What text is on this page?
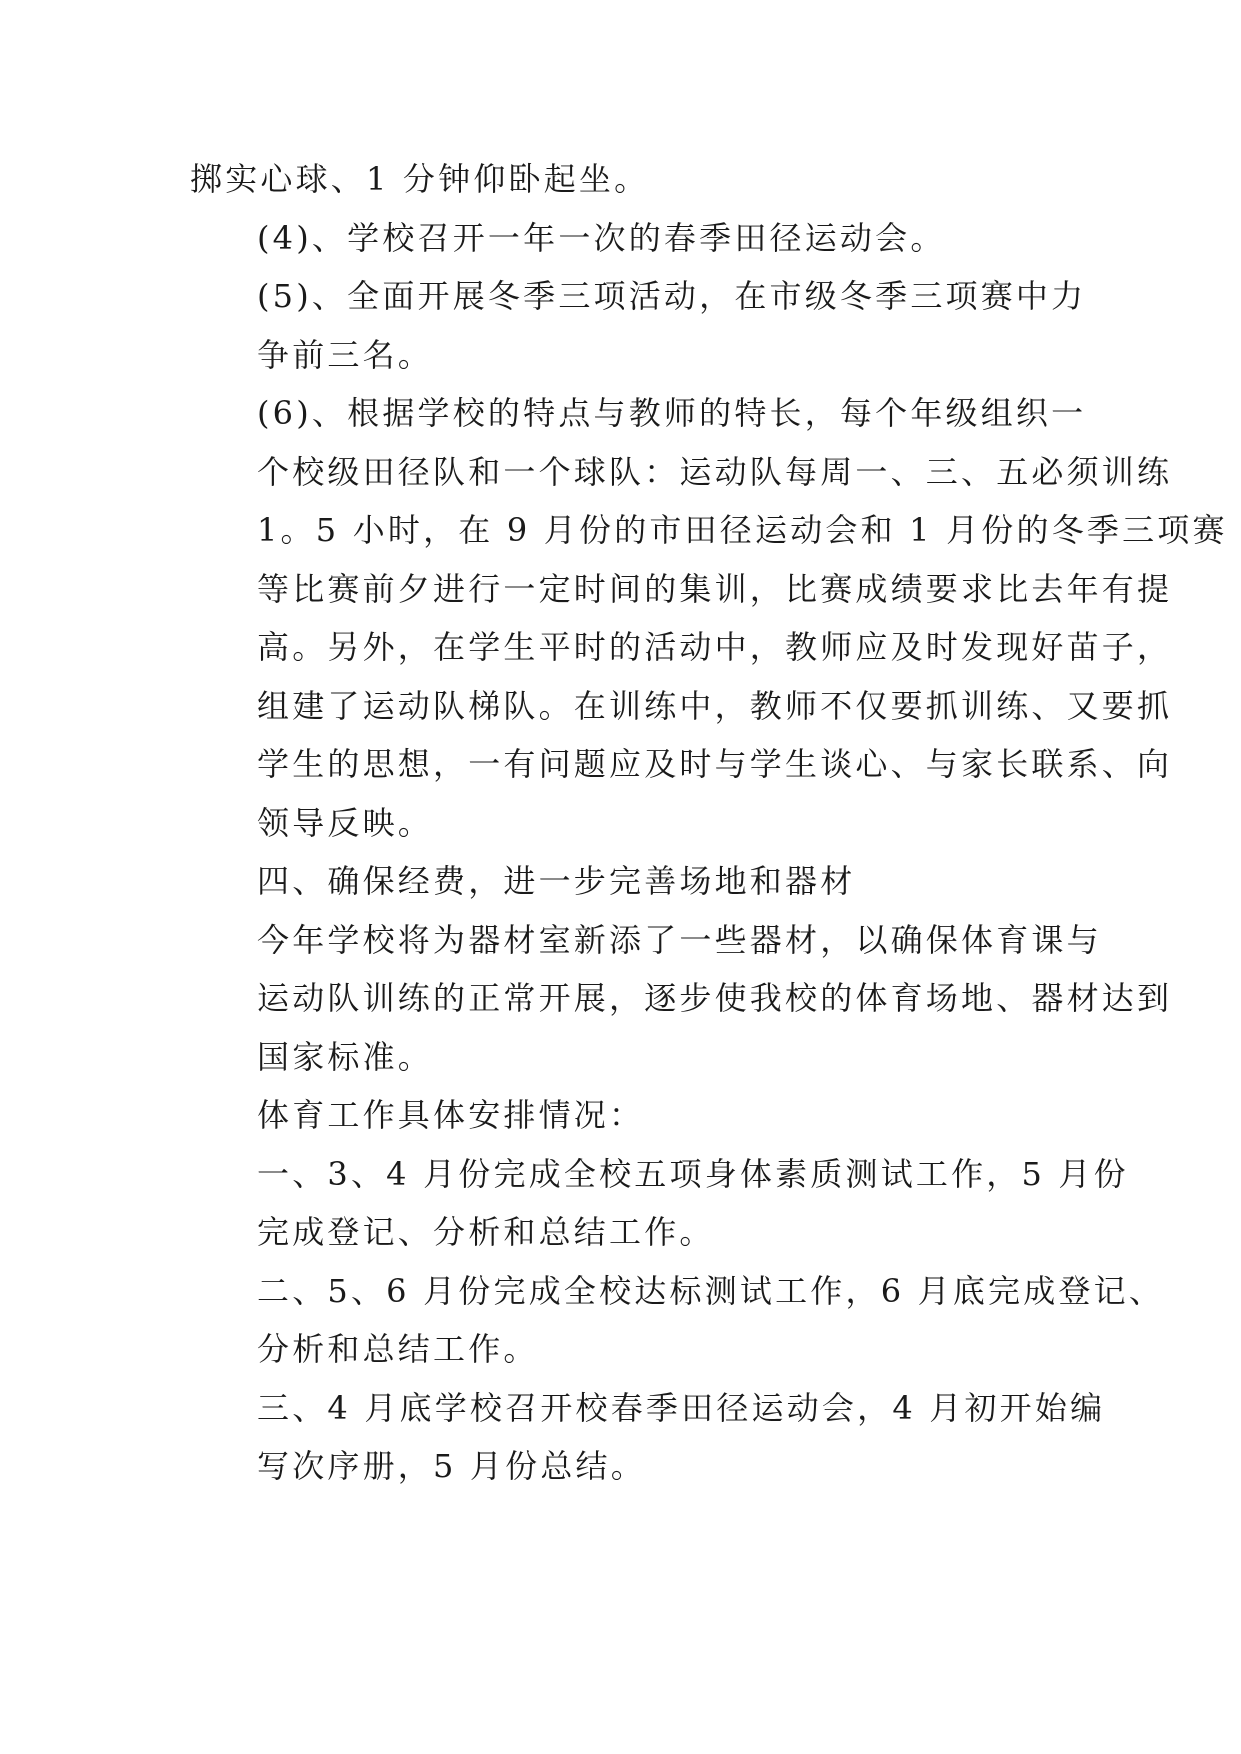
掷实心球、1 分钟仰卧起坐。

(4)、学校召开一年一次的春季田径运动会。

(5)、全面开展冬季三项活动，在市级冬季三项赛中力
争前三名。

(6)、根据学校的特点与教师的特长，每个年级组织一
个校级田径队和一个球队：运动队每周一、三、五必须训练
1。5 小时，在 9 月份的市田径运动会和 1 月份的冬季三项赛
等比赛前夕进行一定时间的集训，比赛成绩要求比去年有提
高。另外，在学生平时的活动中，教师应及时发现好苗子，
组建了运动队梯队。在训练中，教师不仅要抓训练、又要抓
学生的思想，一有问题应及时与学生谈心、与家长联系、向
领导反映。

四、确保经费，进一步完善场地和器材

今年学校将为器材室新添了一些器材，以确保体育课与
运动队训练的正常开展，逐步使我校的体育场地、器材达到
国家标准。

体育工作具体安排情况：

一、3、4 月份完成全校五项身体素质测试工作，5 月份
完成登记、分析和总结工作。

二、5、6 月份完成全校达标测试工作，6 月底完成登记、
分析和总结工作。

三、4 月底学校召开校春季田径运动会，4 月初开始编
写次序册，5 月份总结。
